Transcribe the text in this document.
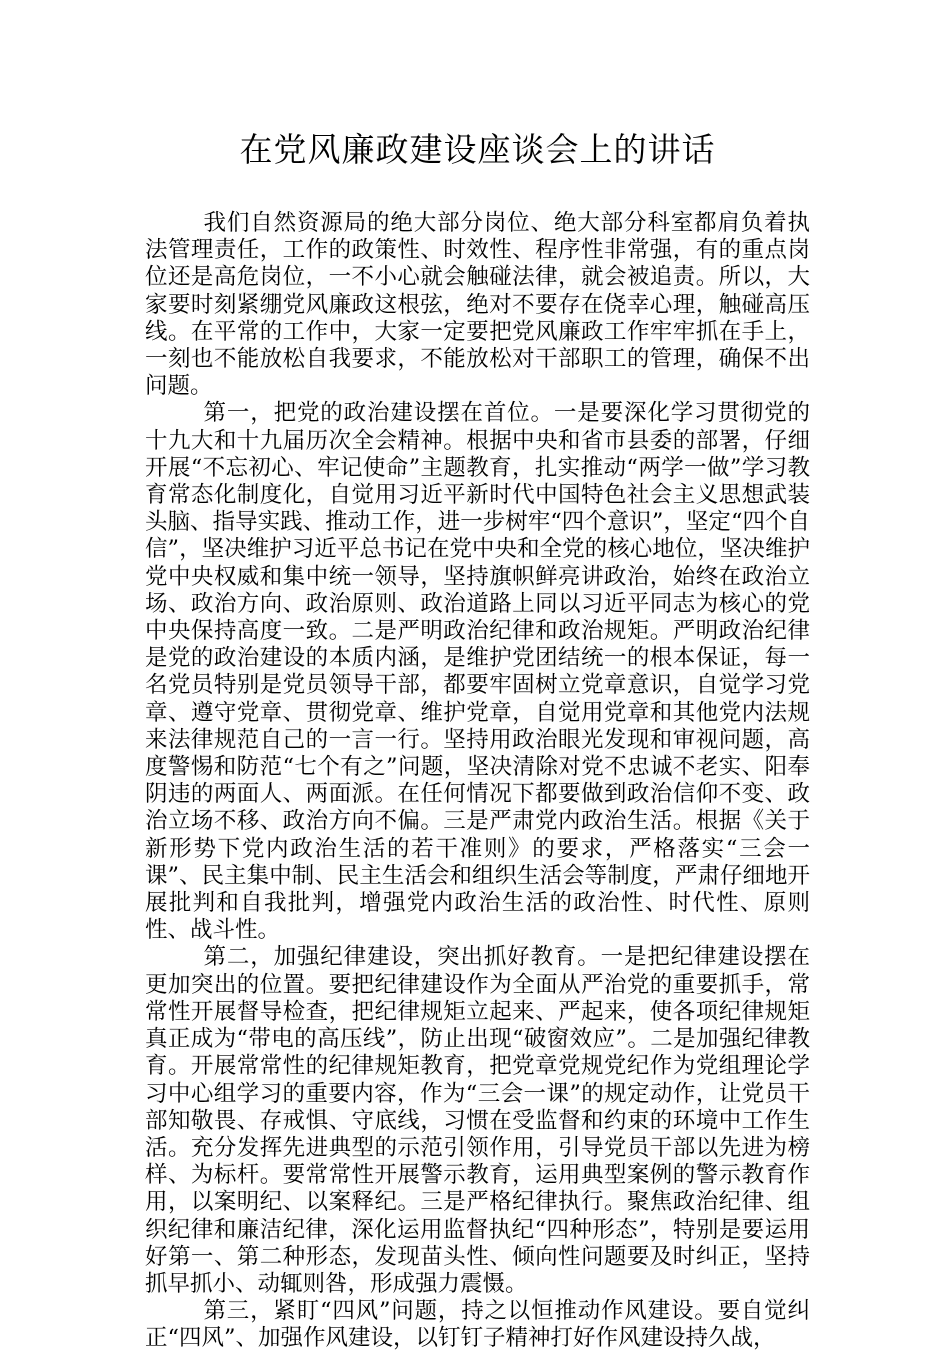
在党风廉政建设座谈会上的讲话

我们自然资源局的绝大部分岗位、绝大部分科室都肩负着执法管理责任，工作的政策性、时效性、程序性非常强，有的重点岗位还是高危岗位，一不小心就会触碰法律，就会被追责。所以，大家要时刻紧绷党风廉政这根弦，绝对不要存在侥幸心理，触碰高压线。在平常的工作中，大家一定要把党风廉政工作牢牢抓在手上，一刻也不能放松自我要求，不能放松对干部职工的管理，确保不出问题。

第一，把党的政治建设摆在首位。一是要深化学习贯彻党的十九大和十九届历次全会精神。根据中央和省市县委的部署，仔细开展“不忘初心、牢记使命”主题教育，扎实推动“两学一做”学习教育常态化制度化，自觉用习近平新时代中国特色社会主义思想武装头脑、指导实践、推动工作，进一步树牢“四个意识”，坚定“四个自信”，坚决维护习近平总书记在党中央和全党的核心地位，坚决维护党中央权威和集中统一领导，坚持旗帜鲜亮讲政治，始终在政治立场、政治方向、政治原则、政治道路上同以习近平同志为核心的党中央保持高度一致。二是严明政治纪律和政治规矩。严明政治纪律是党的政治建设的本质内涵，是维护党团结统一的根本保证，每一名党员特别是党员领导干部，都要牢固树立党章意识，自觉学习党章、遵守党章、贯彻党章、维护党章，自觉用党章和其他党内法规来法律规范自己的一言一行。坚持用政治眼光发现和审视问题，高度警惕和防范“七个有之”问题，坚决清除对党不忠诚不老实、阳奉阴违的两面人、两面派。在任何情况下都要做到政治信仰不变、政治立场不移、政治方向不偏。三是严肃党内政治生活。根据《关于新形势下党内政治生活的若干准则》的要求，严格落实“三会一课”、民主集中制、民主生活会和组织生活会等制度，严肃仔细地开展批判和自我批判，增强党内政治生活的政治性、时代性、原则性、战斗性。

第二，加强纪律建设，突出抓好教育。一是把纪律建设摆在更加突出的位置。要把纪律建设作为全面从严治党的重要抓手，常常性开展督导检查，把纪律规矩立起来、严起来，使各项纪律规矩真正成为“带电的高压线”，防止出现“破窗效应”。二是加强纪律教育。开展常常性的纪律规矩教育，把党章党规党纪作为党组理论学习中心组学习的重要内容，作为“三会一课”的规定动作，让党员干部知敬畏、存戒惧、守底线，习惯在受监督和约束的环境中工作生活。充分发挥先进典型的示范引领作用，引导党员干部以先进为榜样、为标杆。要常常性开展警示教育，运用典型案例的警示教育作用，以案明纪、以案释纪。三是严格纪律执行。聚焦政治纪律、组织纪律和廉洁纪律，深化运用监督执纪“四种形态”，特别是要运用好第一、第二种形态，发现苗头性、倾向性问题要及时纠正，坚持抓早抓小、动辄则咎，形成强力震慑。

第三，紧盯“四风”问题，持之以恒推动作风建设。要自觉纠正“四风”、加强作风建设，以钉钉子精神打好作风建设持久战，
